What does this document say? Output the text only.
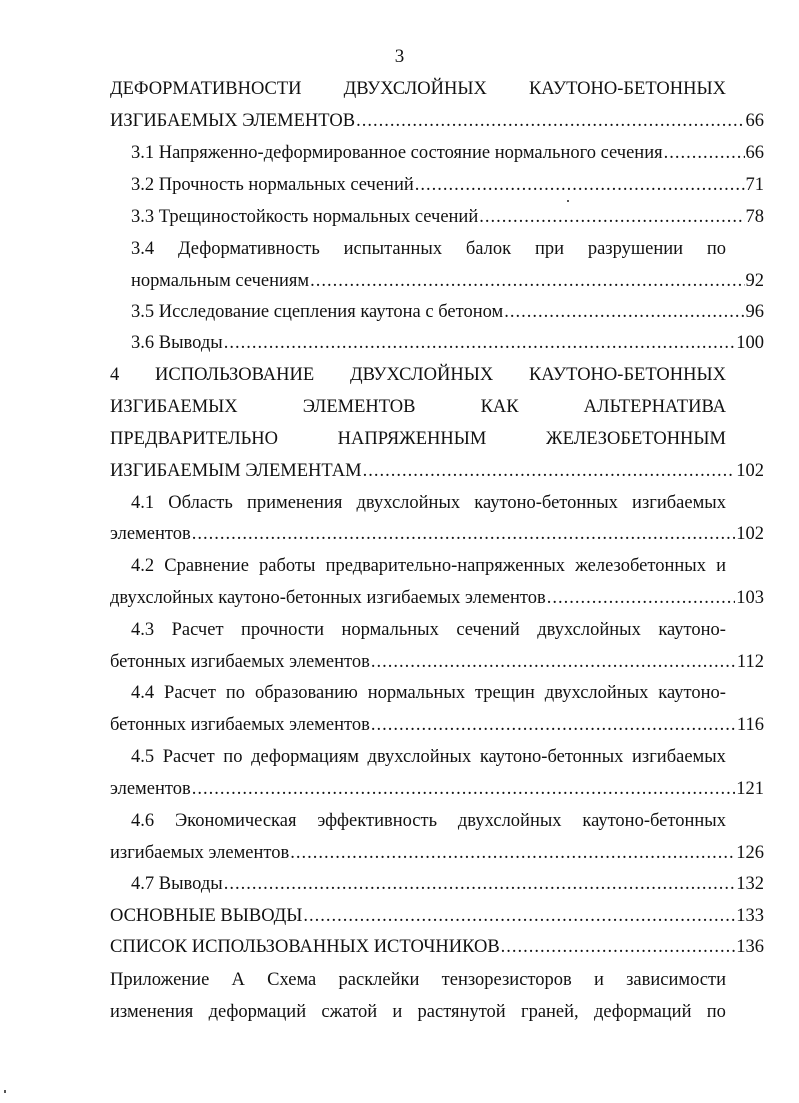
3
ДЕФОРМАТИВНОСТИ ДВУХСЛОЙНЫХ КАУТОНО-БЕТОННЫХ
ИЗГИБАЕМЫХ ЭЛЕМЕНТОВ .....	66
3.1 Напряженно-деформированное состояние нормального сечения .....	66
3.2 Прочность нормальных сечений .....	71
3.3 Трещиностойкость нормальных сечений .....	78
3.4 Деформативность испытанных балок при разрушении по
нормальным сечениям .....	92
3.5 Исследование сцепления каутона с бетоном .....	96
3.6 Выводы .....	100
4 ИСПОЛЬЗОВАНИЕ ДВУХСЛОЙНЫХ КАУТОНО-БЕТОННЫХ
ИЗГИБАЕМЫХ	ЭЛЕМЕНТОВ	КАК	АЛЬТЕРНАТИВА
ПРЕДВАРИТЕЛЬНО	НАПРЯЖЕННЫМ	ЖЕЛЕЗОБЕТОННЫМ
ИЗГИБАЕМЫМ ЭЛЕМЕНТАМ .....	102
4.1 Область применения двухслойных каутоно-бетонных изгибаемых
элементов .....	102
4.2 Сравнение работы предварительно-напряженных железобетонных и
двухслойных каутоно-бетонных изгибаемых элементов .....	103
4.3 Расчет прочности нормальных сечений двухслойных каутоно-
бетонных изгибаемых элементов .....	112
4.4 Расчет по образованию нормальных трещин двухслойных каутоно-
бетонных изгибаемых элементов .....	116
4.5 Расчет по деформациям двухслойных каутоно-бетонных изгибаемых
элементов .....	121
4.6 Экономическая эффективность двухслойных каутоно-бетонных
изгибаемых элементов .....	126
4.7 Выводы .....	132
ОСНОВНЫЕ ВЫВОДЫ .....	133
СПИСОК ИСПОЛЬЗОВАННЫХ ИСТОЧНИКОВ .....	136
Приложение А Схема расклейки тензорезисторов и зависимости
изменения деформаций сжатой и растянутой граней, деформаций по
